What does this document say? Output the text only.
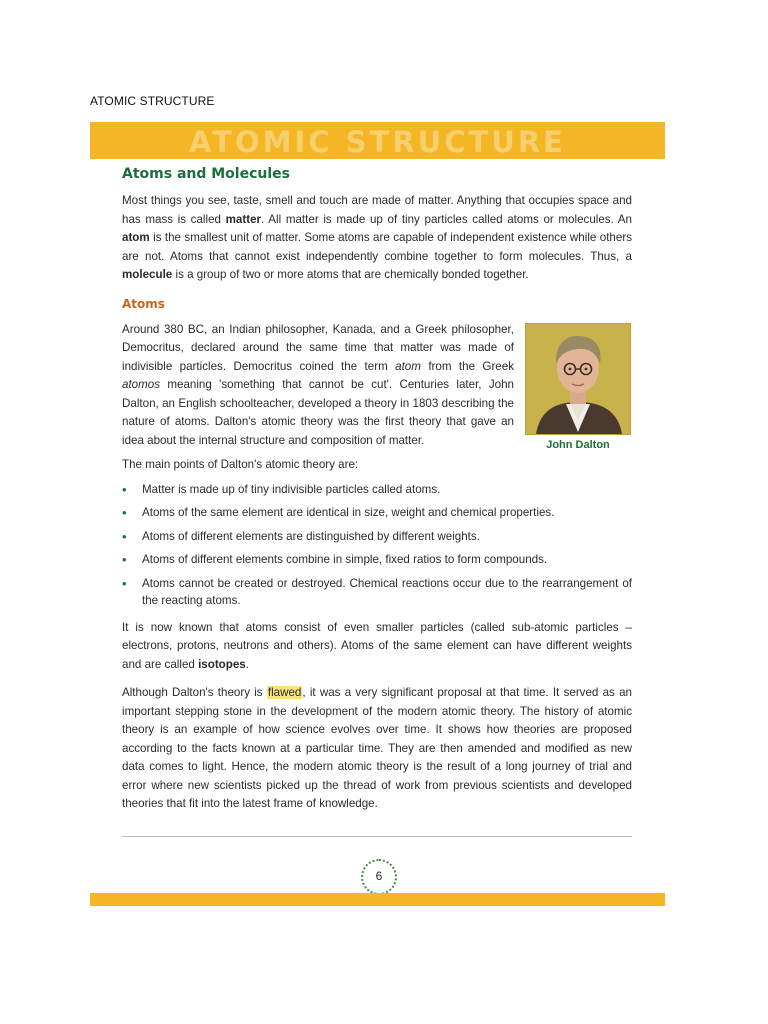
ATOMIC STRUCTURE
ATOMIC STRUCTURE
Atoms and Molecules

Most things you see, taste, smell and touch are made of matter. Anything that occupies space and has mass is called matter. All matter is made up of tiny particles called atoms or molecules. An atom is the smallest unit of matter. Some atoms are capable of independent existence while others are not. Atoms that cannot exist independently combine together to form molecules. Thus, a molecule is a group of two or more atoms that are chemically bonded together.

Atoms

Around 380 BC, an Indian philosopher, Kanada, and a Greek philosopher, Democritus, declared around the same time that matter was made of indivisible particles. Democritus coined the term atom from the Greek atomos meaning 'something that cannot be cut'. Centuries later, John Dalton, an English schoolteacher, developed a theory in 1803 describing the nature of atoms. Dalton's atomic theory was the first theory that gave an idea about the internal structure and composition of matter.	John Dalton

The main points of Dalton's atomic theory are:

• Matter is made up of tiny indivisible particles called atoms.
• Atoms of the same element are identical in size, weight and chemical properties.
• Atoms of different elements are distinguished by different weights.
• Atoms of different elements combine in simple, fixed ratios to form compounds.
• Atoms cannot be created or destroyed. Chemical reactions occur due to the rearrangement of the reacting atoms.

It is now known that atoms consist of even smaller particles (called sub-atomic particles – electrons, protons, neutrons and others). Atoms of the same element can have different weights and are called isotopes.

Although Dalton's theory is flawed, it was a very significant proposal at that time. It served as an important stepping stone in the development of the modern atomic theory. The history of atomic theory is an example of how science evolves over time. It shows how theories are proposed according to the facts known at a particular time. They are then amended and modified as new data comes to light. Hence, the modern atomic theory is the result of a long journey of trial and error where new scientists picked up the thread of work from previous scientists and developed theories that fit into the latest frame of knowledge.

6
